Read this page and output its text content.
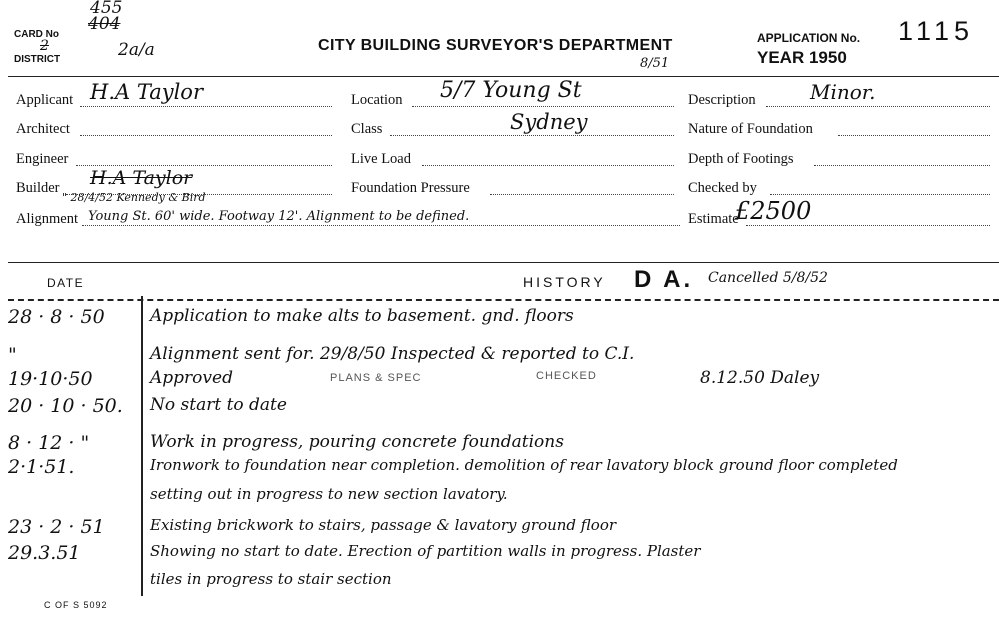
CARD No
455
404
DISTRICT
2	2a/a	CITY BUILDING SURVEYOR'S DEPARTMENT
8/51
APPLICATION No. 1115
YEAR 1950
Applicant H.A Taylor
Architect
Engineer
Builder H.A Taylor
" 28/4/52 Kennedy & Bird
Alignment Young St. 60' wide. Footway 12'. Alignment to be defined.
Location 5/7 Young St
Class	Sydney
Live Load
Foundation Pressure
Description	Minor.
Nature of Foundation
Depth of Footings
Checked by
Estimate
£2500
DATE	HISTORY D A. Cancelled 5/8/52
28 · 8 · 50	Application to make alts to basement. gnd. floors
"	Alignment sent for. 29/8/50 Inspected & reported to C.I.
19·10·50	Approved	PLANS & SPEC	CHECKED	8.12.50 Daley
20 · 10 · 50. No start to date
8 · 12 · "	Work in progress, pouring concrete foundations
2·1·51.	Ironwork to foundation near completion. demolition of rear lavatory block ground floor completed
setting out in progress to new section lavatory.
23 · 2 · 51	Existing brickwork to stairs, passage & lavatory ground floor
29.3.51	Showing no start to date. Erection of partition walls in progress. Plaster
tiles in progress to stair section
C OF S 5092
